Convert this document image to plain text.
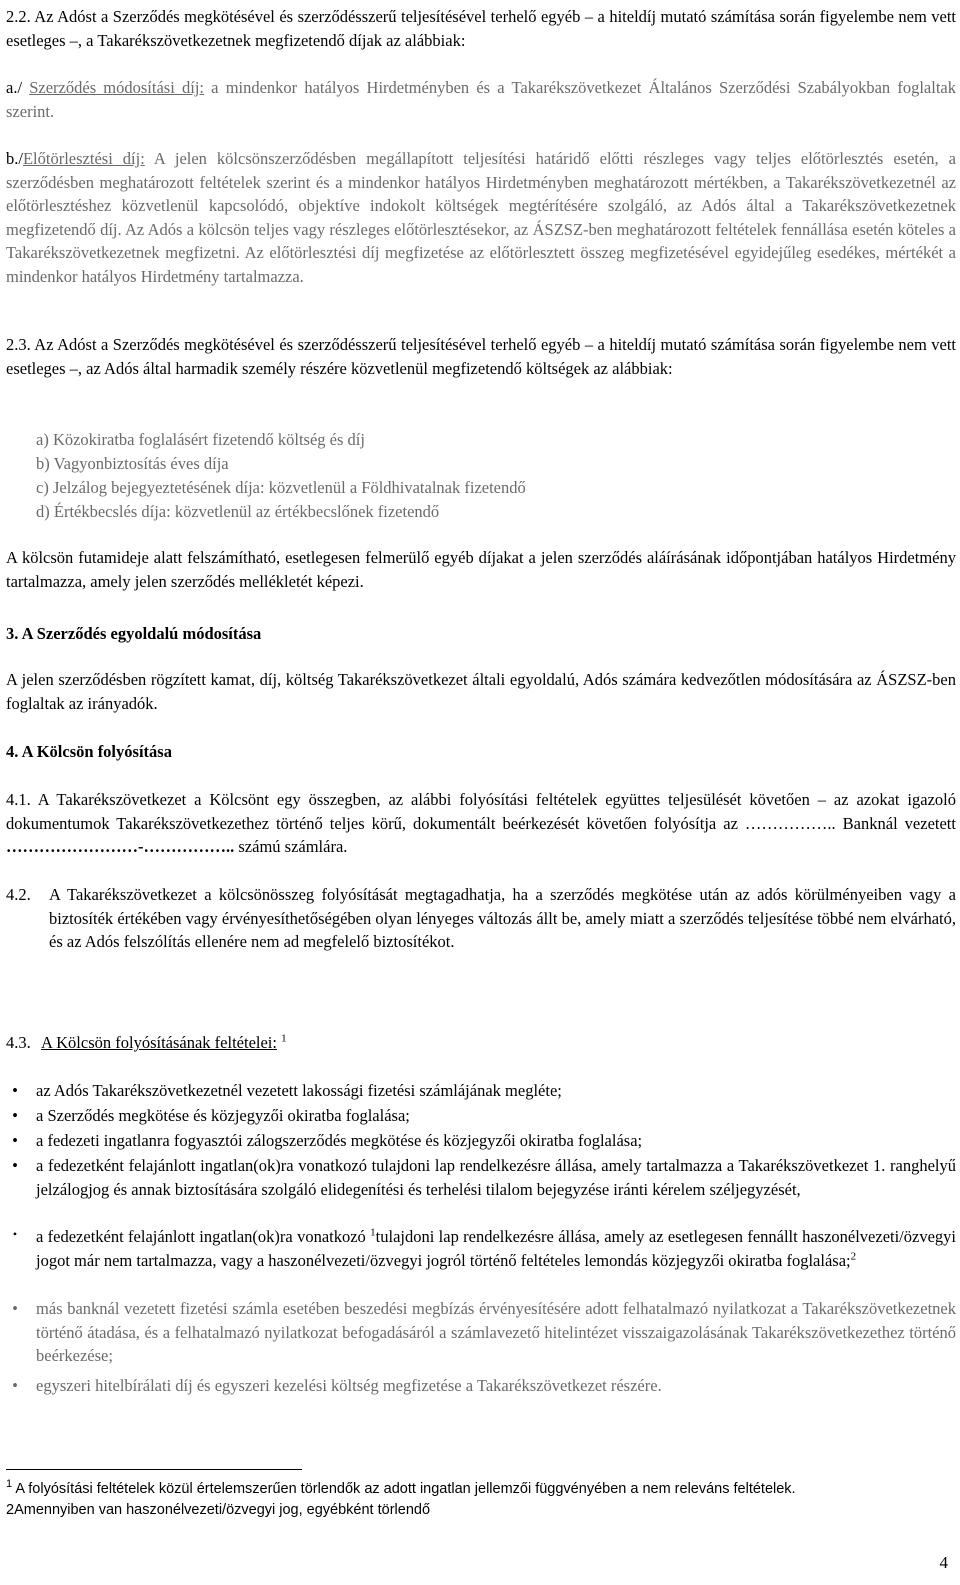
2.2. Az Adóst a Szerződés megkötésével és szerződésszerű teljesítésével terhelő egyéb – a hiteldíj mutató számítása során figyelembe nem vett esetleges –, a Takarékszövetkezetnek megfizetendő díjak az alábbiak:
a./ Szerződés módosítási díj: a mindenkor hatályos Hirdetményben és a Takarékszövetkezet Általános Szerződési Szabályokban foglaltak szerint.
b./Előtörlesztési díj: A jelen kölcsönszerződésben megállapított teljesítési határidő előtti részleges vagy teljes előtörlesztés esetén, a szerződésben meghatározott feltételek szerint és a mindenkor hatályos Hirdetményben meghatározott mértékben, a Takarékszövetkezetnél az előtörlesztéshez közvetlenül kapcsolódó, objektíve indokolt költségek megtérítésére szolgáló, az Adós által a Takarékszövetkezetnek megfizetendő díj. Az Adós a kölcsön teljes vagy részleges előtörlesztésekor, az ÁSZSZ-ben meghatározott feltételek fennállása esetén köteles a Takarékszövetkezetnek megfizetni. Az előtörlesztési díj megfizetése az előtörlesztett összeg megfizetésével egyidejűleg esedékes, mértékét a mindenkor hatályos Hirdetmény tartalmazza.
2.3. Az Adóst a Szerződés megkötésével és szerződésszerű teljesítésével terhelő egyéb – a hiteldíj mutató számítása során figyelembe nem vett esetleges –, az Adós által harmadik személy részére közvetlenül megfizetendő költségek az alábbiak:
a) Közokiratba foglalásért fizetendő költség és díj
b) Vagyonbiztosítás éves díja
c) Jelzálog bejegyeztetésének díja: közvetlenül a Földhivatalnak fizetendő
d) Értékbecslés díja: közvetlenül az értékbecslőnek fizetendő
A kölcsön futamideje alatt felszámítható, esetlegesen felmerülő egyéb díjakat a jelen szerződés aláírásának időpontjában hatályos Hirdetmény tartalmazza, amely jelen szerződés mellékletét képezi.
3. A Szerződés egyoldalú módosítása
A jelen szerződésben rögzített kamat, díj, költség Takarékszövetkezet általi egyoldalú, Adós számára kedvezőtlen módosítására az ÁSZSZ-ben foglaltak az irányadók.
4. A Kölcsön folyósítása
4.1. A Takarékszövetkezet a Kölcsönt egy összegben, az alábbi folyósítási feltételek együttes teljesülését követően – az azokat igazoló dokumentumok Takarékszövetkezethez történő teljes körű, dokumentált beérkezését követően folyósítja az …………….. Banknál vezetett ……………………-…………….. számú számlára.
4.2. A Takarékszövetkezet a kölcsönösszeg folyósítását megtagadhatja, ha a szerződés megkötése után az adós körülményeiben vagy a biztosíték értékében vagy érvényesíthetőségében olyan lényeges változás állt be, amely miatt a szerződés teljesítése többé nem elvárható, és az Adós felszólítás ellenére nem ad megfelelő biztosítékot.
4.3. A Kölcsön folyósításának feltételei: $^1$
•	az Adós Takarékszövetkezetnél vezetett lakossági fizetési számlájának megléte;
•	a Szerződés megkötése és közjegyzői okiratba foglalása;
•	a fedezeti ingatlanra fogyasztói zálogszerződés megkötése és közjegyzői okiratba foglalása;
•	a fedezetként felajánlott ingatlan(ok)ra vonatkozó tulajdoni lap rendelkezésre állása, amely tartalmazza a Takarékszövetkezet 1. ranghelyű jelzálogjog és annak biztosítására szolgáló elidegenítési és terhelési tilalom bejegyzése iránti kérelem széljegyzését,
•	a fedezetként felajánlott ingatlan(ok)ra vonatkozó $^1$tulajdoni lap rendelkezésre állása, amely az esetlegesen fennállt haszonélvezeti/özvegyi jogot már nem tartalmazza, vagy a haszonélvezeti/özvegyi jogról történő feltételes lemondás közjegyzői okiratba foglalása;$^2$
•	más banknál vezetett fizetési számla esetében beszedési megbízás érvényesítésére adott felhatalmazó nyilatkozat a Takarékszövetkezetnek történő átadása, és a felhatalmazó nyilatkozat befogadásáról a számlavezető hitelintézet visszaigazolásának Takarékszövetkezethez történő beérkezése;
•	egyszeri hitelbírálati díj és egyszeri kezelési költség megfizetése a Takarékszövetkezet részére.
$^1$ A folyósítási feltételek közül értelemszerűen törlendők az adott ingatlan jellemzői függvényében a nem releváns feltételek.
2Amennyiben van haszonélvezeti/özvegyi jog, egyébként törlendő
4
